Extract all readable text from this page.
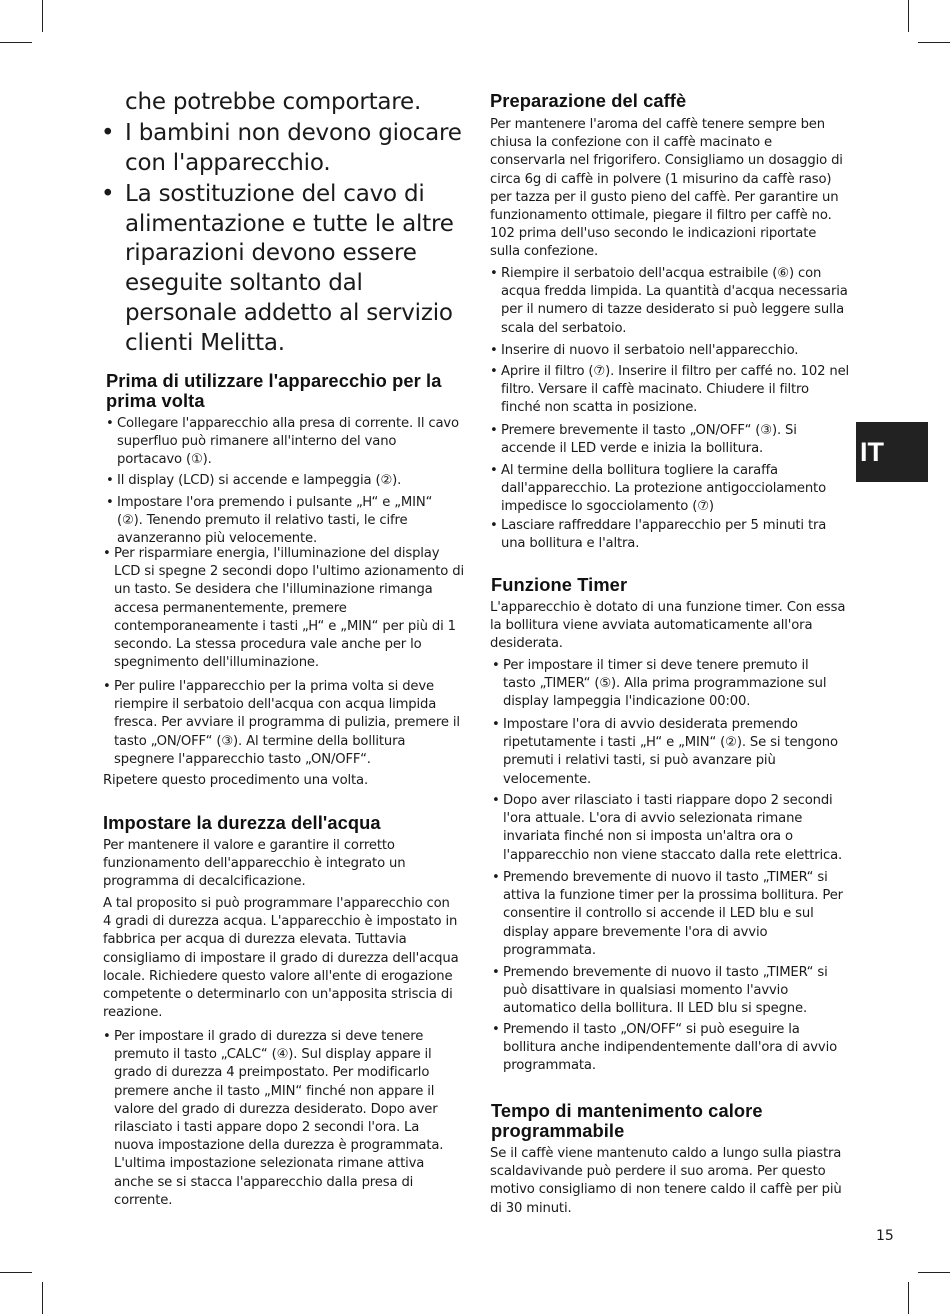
che potrebbe comportare.
• I bambini non devono giocare con l'apparecchio.
• La sostituzione del cavo di alimentazione e tutte le altre riparazioni devono essere eseguite soltanto dal personale addetto al servizio clienti Melitta.
Prima di utilizzare l'apparecchio per la prima volta
• Collegare l'apparecchio alla presa di corrente. Il cavo superfluo può rimanere all'interno del vano portacavo (①).
• Il display (LCD) si accende e lampeggia (②).
• Impostare l'ora premendo i pulsante „H“ e „MIN“ (②). Tenendo premuto il relativo tasti, le cifre avanzeranno più velocemente.
• Per risparmiare energia, l'illuminazione del display LCD si spegne 2 secondi dopo l'ultimo azionamento di un tasto. Se desidera che l'illuminazione rimanga accesa permanentemente, premere contemporaneamente i tasti „H“ e „MIN“ per più di 1 secondo. La stessa procedura vale anche per lo spegnimento dell'illuminazione.
• Per pulire l'apparecchio per la prima volta si deve riempire il serbatoio dell'acqua con acqua limpida fresca. Per avviare il programma di pulizia, premere il tasto „ON/OFF“ (③). Al termine della bollitura spegnere l'apparecchio tasto „ON/OFF“.

Ripetere questo procedimento una volta.

Impostare la durezza dell'acqua

Per mantenere il valore e garantire il corretto funzionamento dell'apparecchio è integrato un programma di decalcificazione.

A tal proposito si può programmare l'apparecchio con 4 gradi di durezza acqua. L'apparecchio è impostato in fabbrica per acqua di durezza elevata. Tuttavia consigliamo di impostare il grado di durezza dell'acqua locale. Richiedere questo valore all'ente di erogazione competente o determinarlo con un'apposita striscia di reazione.

• Per impostare il grado di durezza si deve tenere premuto il tasto „CALC“ (④). Sul display appare il grado di durezza 4 preimpostato. Per modificarlo premere anche il tasto „MIN“ finché non appare il valore del grado di durezza desiderato. Dopo aver rilasciato i tasti appare dopo 2 secondi l'ora. La nuova impostazione della durezza è programmata. L'ultima impostazione selezionata rimane attiva anche se si stacca l'apparecchio dalla presa di corrente.
Preparazione del caffè

Per mantenere l'aroma del caffè tenere sempre ben chiusa la confezione con il caffè macinato e conservarla nel frigorifero. Consigliamo un dosaggio di circa 6g di caffè in polvere (1 misurino da caffè raso) per tazza per il gusto pieno del caffè. Per garantire un funzionamento ottimale, piegare il filtro per caffè no. 102 prima dell'uso secondo le indicazioni riportate sulla confezione.

• Riempire il serbatoio dell'acqua estraibile (⑥) con acqua fredda limpida. La quantità d'acqua necessaria per il numero di tazze desiderato si può leggere sulla scala del serbatoio.
• Inserire di nuovo il serbatoio nell'apparecchio.
• Aprire il filtro (⑦). Inserire il filtro per caffé no. 102 nel filtro. Versare il caffè macinato. Chiudere il filtro finché non scatta in posizione.
• Premere brevemente il tasto „ON/OFF“ (③). Si accende il LED verde e inizia la bollitura.
• Al termine della bollitura togliere la caraffa dall'apparecchio. La protezione antigocciolamento impedisce lo sgocciolamento (⑦)
• Lasciare raffreddare l'apparecchio per 5 minuti tra una bollitura e l'altra.
Funzione Timer

L'apparecchio è dotato di una funzione timer. Con essa la bollitura viene avviata automaticamente all'ora desiderata.

• Per impostare il timer si deve tenere premuto il tasto „TIMER“ (⑤). Alla prima programmazione sul display lampeggia l'indicazione 00:00.
• Impostare l'ora di avvio desiderata premendo ripetutamente i tasti „H“ e „MIN“ (②). Se si tengono premuti i relativi tasti, si può avanzare più velocemente.
• Dopo aver rilasciato i tasti riappare dopo 2 secondi l'ora attuale. L'ora di avvio selezionata rimane invariata finché non si imposta un'altra ora o l'apparecchio non viene staccato dalla rete elettrica.
• Premendo brevemente di nuovo il tasto „TIMER“ si attiva la funzione timer per la prossima bollitura. Per consentire il controllo si accende il LED blu e sul display appare brevemente l'ora di avvio programmata.
• Premendo brevemente di nuovo il tasto „TIMER“ si può disattivare in qualsiasi momento l'avvio automatico della bollitura. Il LED blu si spegne.
• Premendo il tasto „ON/OFF“ si può eseguire la bollitura anche indipendentemente dall'ora di avvio programmata.
Tempo di mantenimento calore programmabile

Se il caffè viene mantenuto caldo a lungo sulla piastra scaldavivande può perdere il suo aroma. Per questo motivo consigliamo di non tenere caldo il caffè per più di 30 minuti.

IT
15
